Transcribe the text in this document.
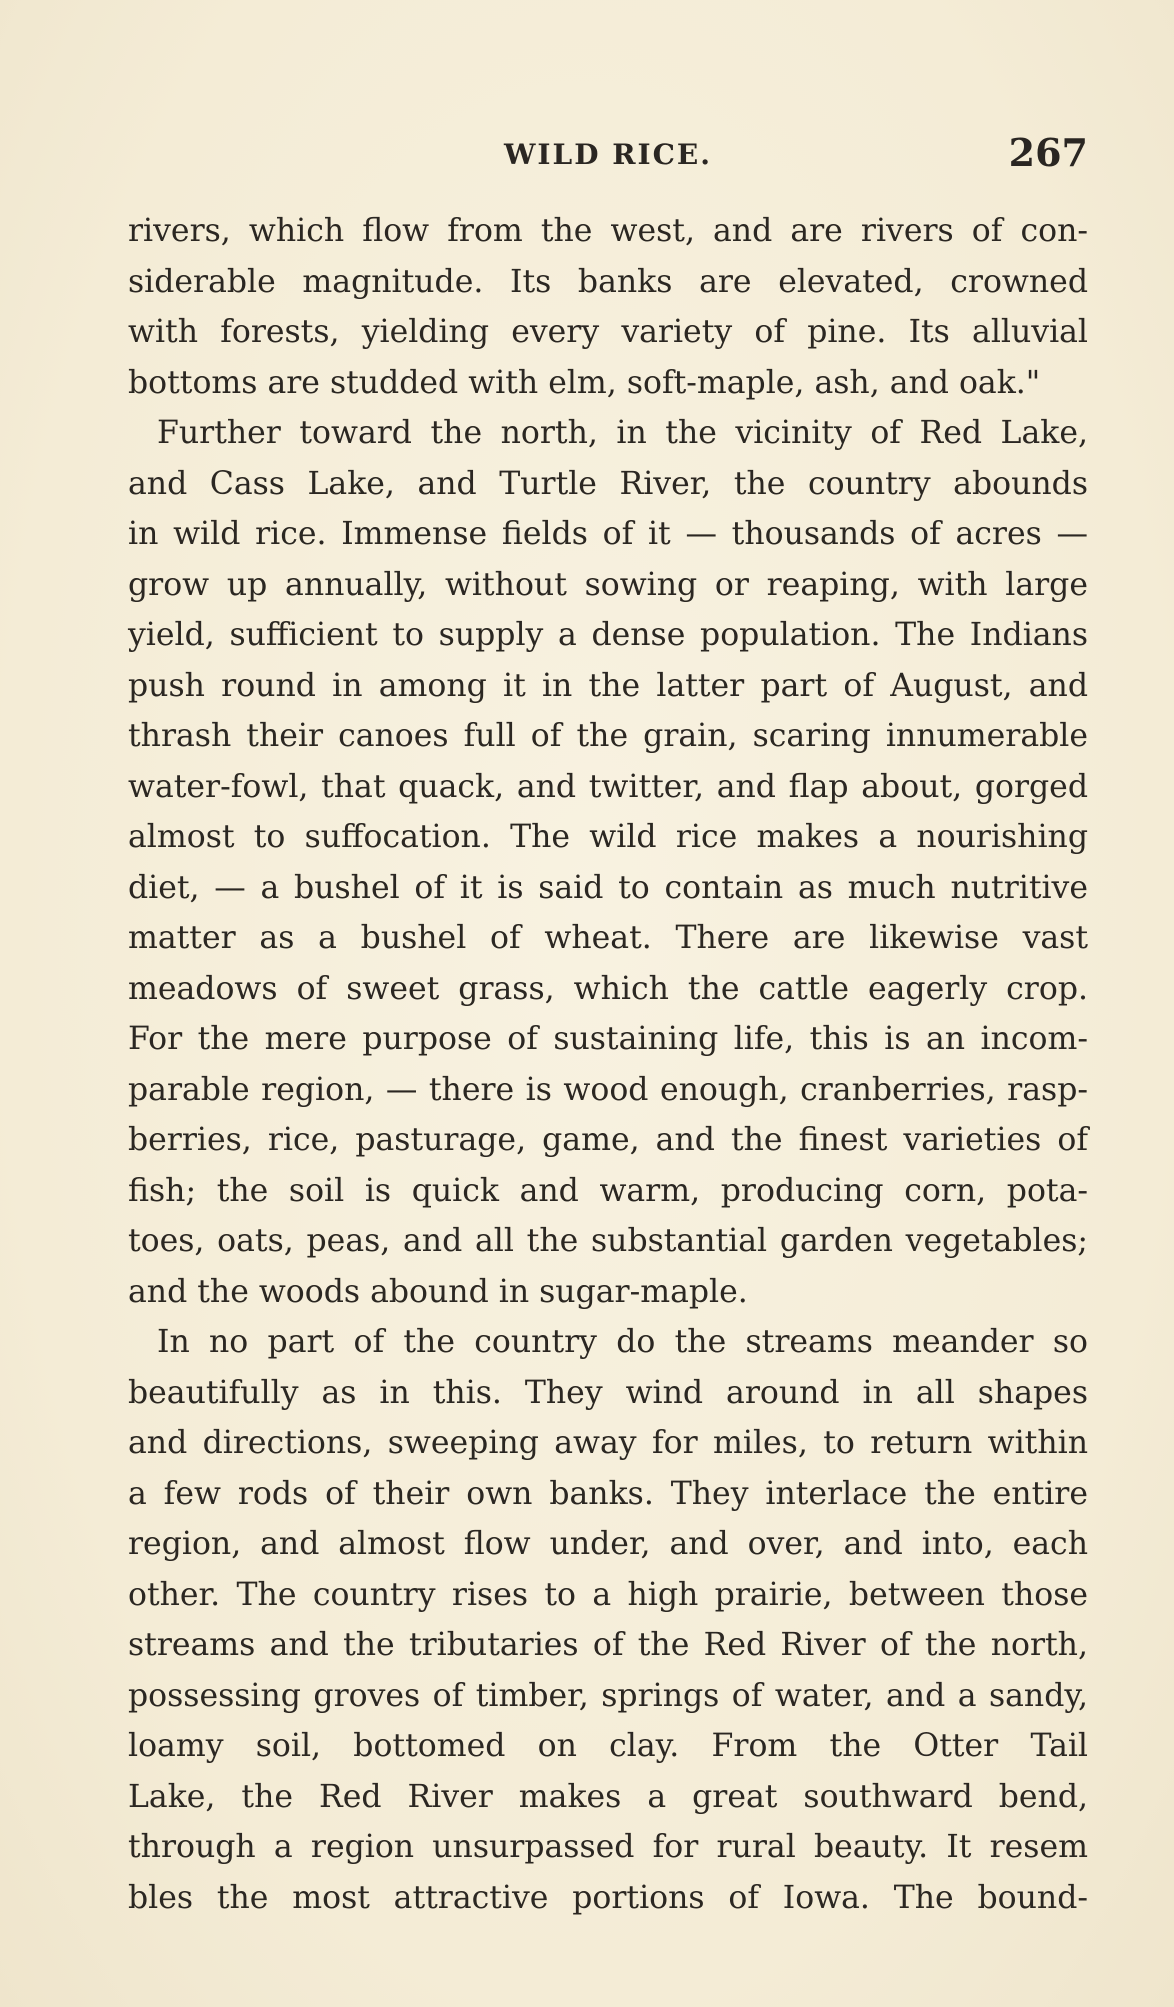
WILD RICE.	267
rivers, which flow from the west, and are rivers of con-
siderable magnitude. Its banks are elevated, crowned
with forests, yielding every variety of pine. Its alluvial
bottoms are studded with elm, soft-maple, ash, and oak."
Further toward the north, in the vicinity of Red Lake,
and Cass Lake, and Turtle River, the country abounds
in wild rice. Immense fields of it — thousands of acres —
grow up annually, without sowing or reaping, with large
yield, sufficient to supply a dense population. The Indians
push round in among it in the latter part of August, and
thrash their canoes full of the grain, scaring innumerable
water-fowl, that quack, and twitter, and flap about, gorged
almost to suffocation. The wild rice makes a nourishing
diet, — a bushel of it is said to contain as much nutritive
matter as a bushel of wheat. There are likewise vast
meadows of sweet grass, which the cattle eagerly crop.
For the mere purpose of sustaining life, this is an incom-
parable region, — there is wood enough, cranberries, rasp-
berries, rice, pasturage, game, and the finest varieties of
fish; the soil is quick and warm, producing corn, pota-
toes, oats, peas, and all the substantial garden vegetables;
and the woods abound in sugar-maple.
In no part of the country do the streams meander so
beautifully as in this. They wind around in all shapes
and directions, sweeping away for miles, to return within
a few rods of their own banks. They interlace the entire
region, and almost flow under, and over, and into, each
other. The country rises to a high prairie, between those
streams and the tributaries of the Red River of the north,
possessing groves of timber, springs of water, and a sandy,
loamy soil, bottomed on clay. From the Otter Tail
Lake, the Red River makes a great southward bend,
through a region unsurpassed for rural beauty. It resem
bles the most attractive portions of Iowa. The bound-
